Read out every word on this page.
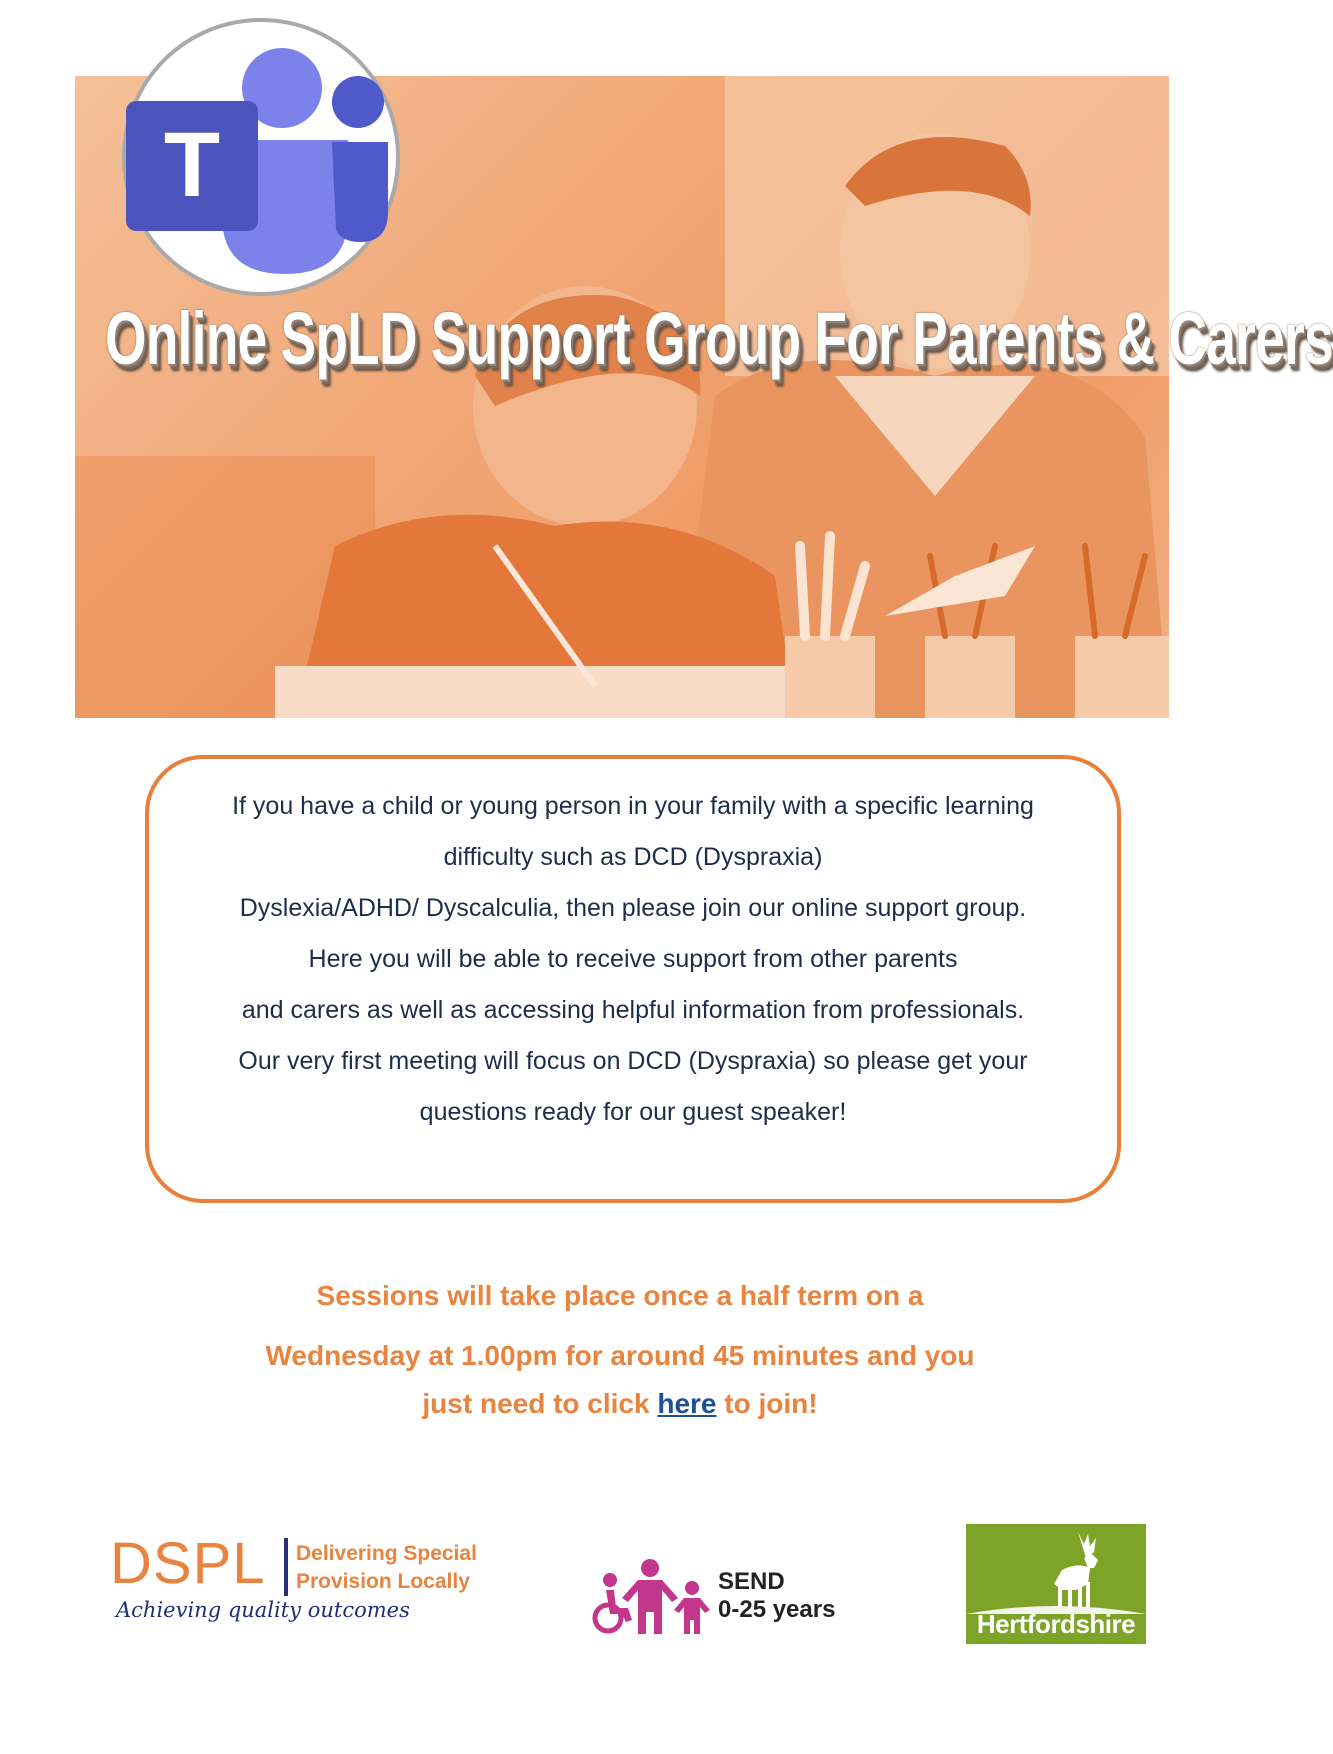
Online SpLD Support Group For Parents & Carers
T

If you have a child or young person in your family with a specific learning

difficulty such as DCD (Dyspraxia)

Dyslexia/ADHD/ Dyscalculia, then please join our online support group.

Here you will be able to receive support from other parents

and carers as well as accessing helpful information from professionals.

Our very first meeting will focus on DCD (Dyspraxia) so please get your

questions ready for our guest speaker!

Sessions will take place once a half term on a
Wednesday at 1.00pm for around 45 minutes and you
just need to click here to join!
DSPL Delivering Special
Provision Locally
Achieving quality outcomes
SEND
0-25 years	Hertfordshire
